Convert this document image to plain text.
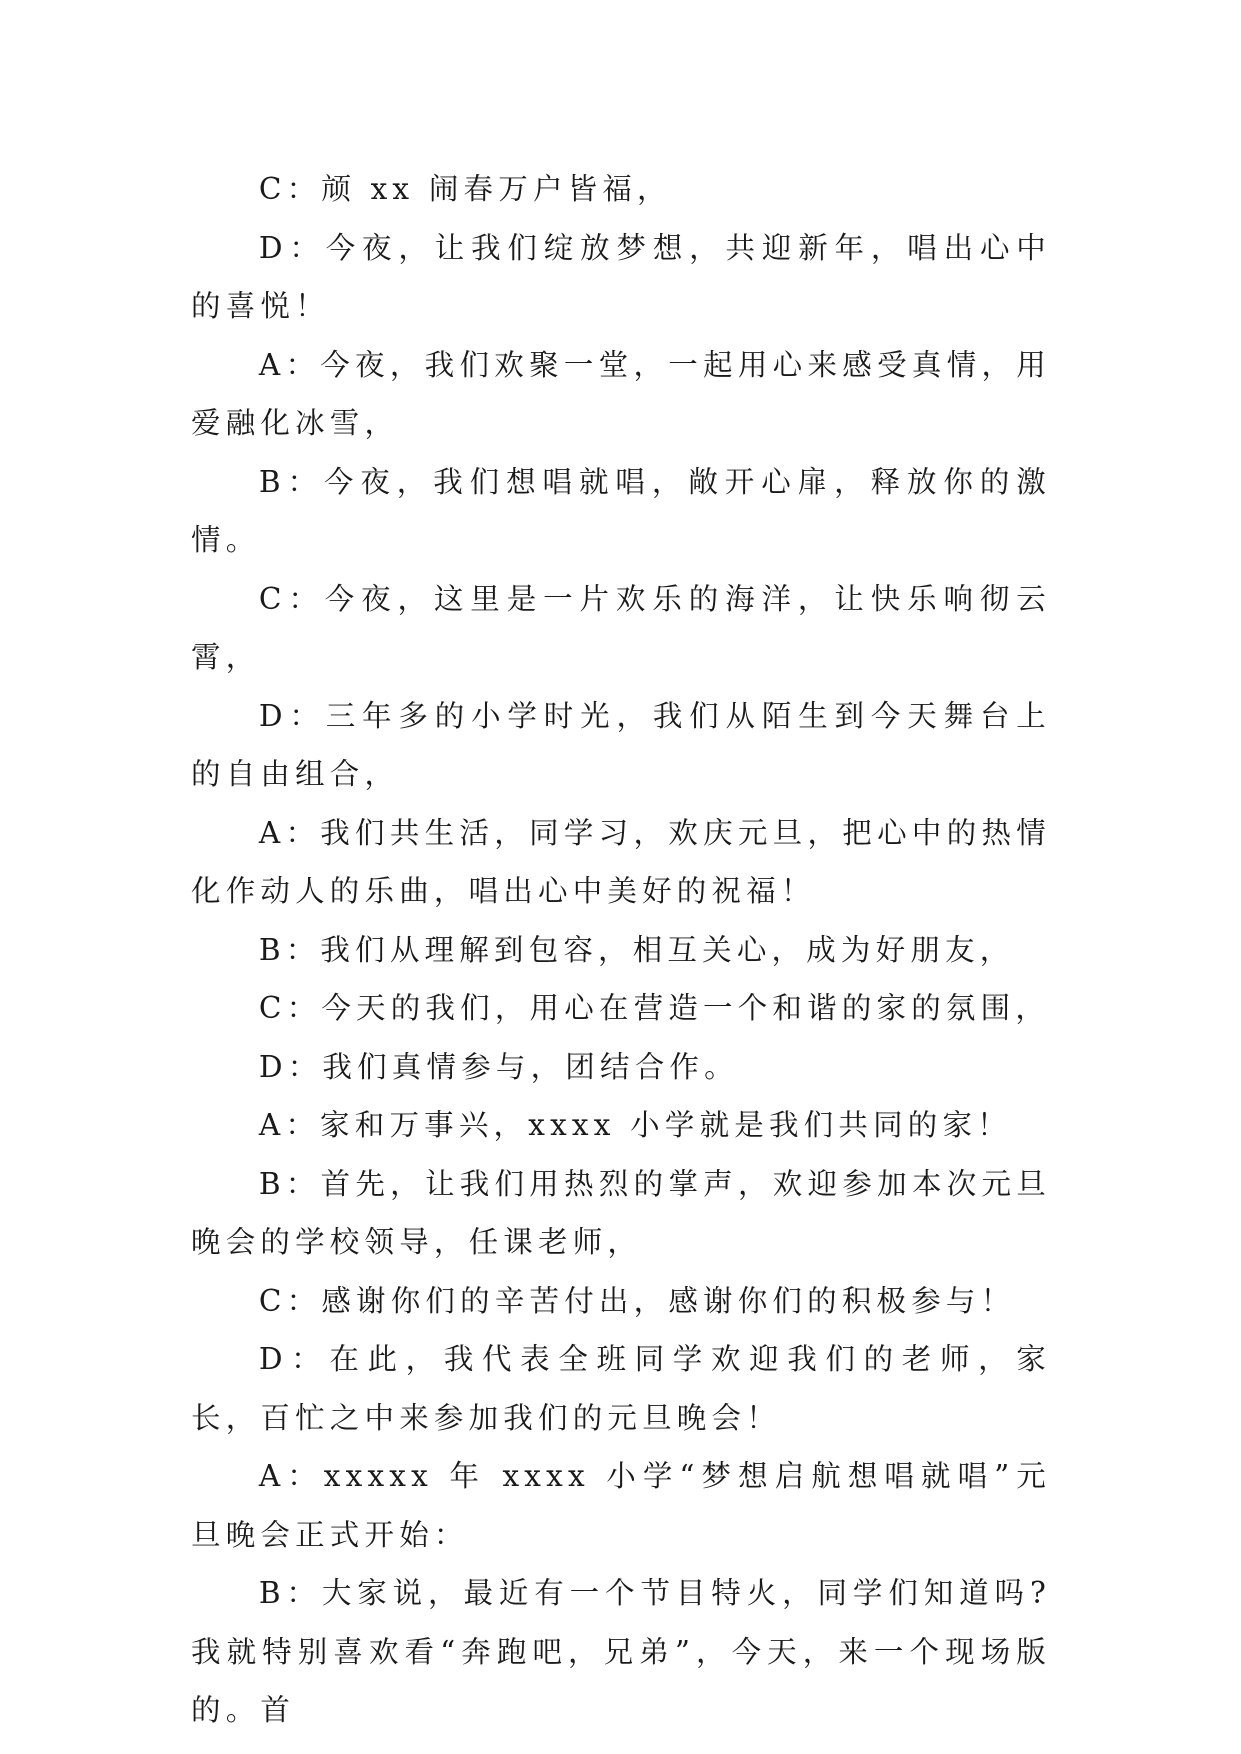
C：颃 xx 闹春万户皆福，

D：今夜，让我们绽放梦想，共迎新年，唱出心中的喜悦！

A：今夜，我们欢聚一堂，一起用心来感受真情，用爱融化冰雪，

B：今夜，我们想唱就唱，敞开心扉，释放你的激情。

C：今夜，这里是一片欢乐的海洋，让快乐响彻云霄，

D：三年多的小学时光，我们从陌生到今天舞台上的自由组合，

A：我们共生活，同学习，欢庆元旦，把心中的热情化作动人的乐曲，唱出心中美好的祝福！

B：我们从理解到包容，相互关心，成为好朋友，

C：今天的我们，用心在营造一个和谐的家的氛围，

D：我们真情参与，团结合作。

A：家和万事兴，xxxx 小学就是我们共同的家！

B：首先，让我们用热烈的掌声，欢迎参加本次元旦晚会的学校领导，任课老师，

C：感谢你们的辛苦付出，感谢你们的积极参与！

D：在此，我代表全班同学欢迎我们的老师，家长，百忙之中来参加我们的元旦晚会！

A：xxxxx 年 xxxx 小学“梦想启航想唱就唱”元旦晚会正式开始：

B：大家说，最近有一个节目特火，同学们知道吗?我就特别喜欢看“奔跑吧，兄弟”，今天，来一个现场版的。首
